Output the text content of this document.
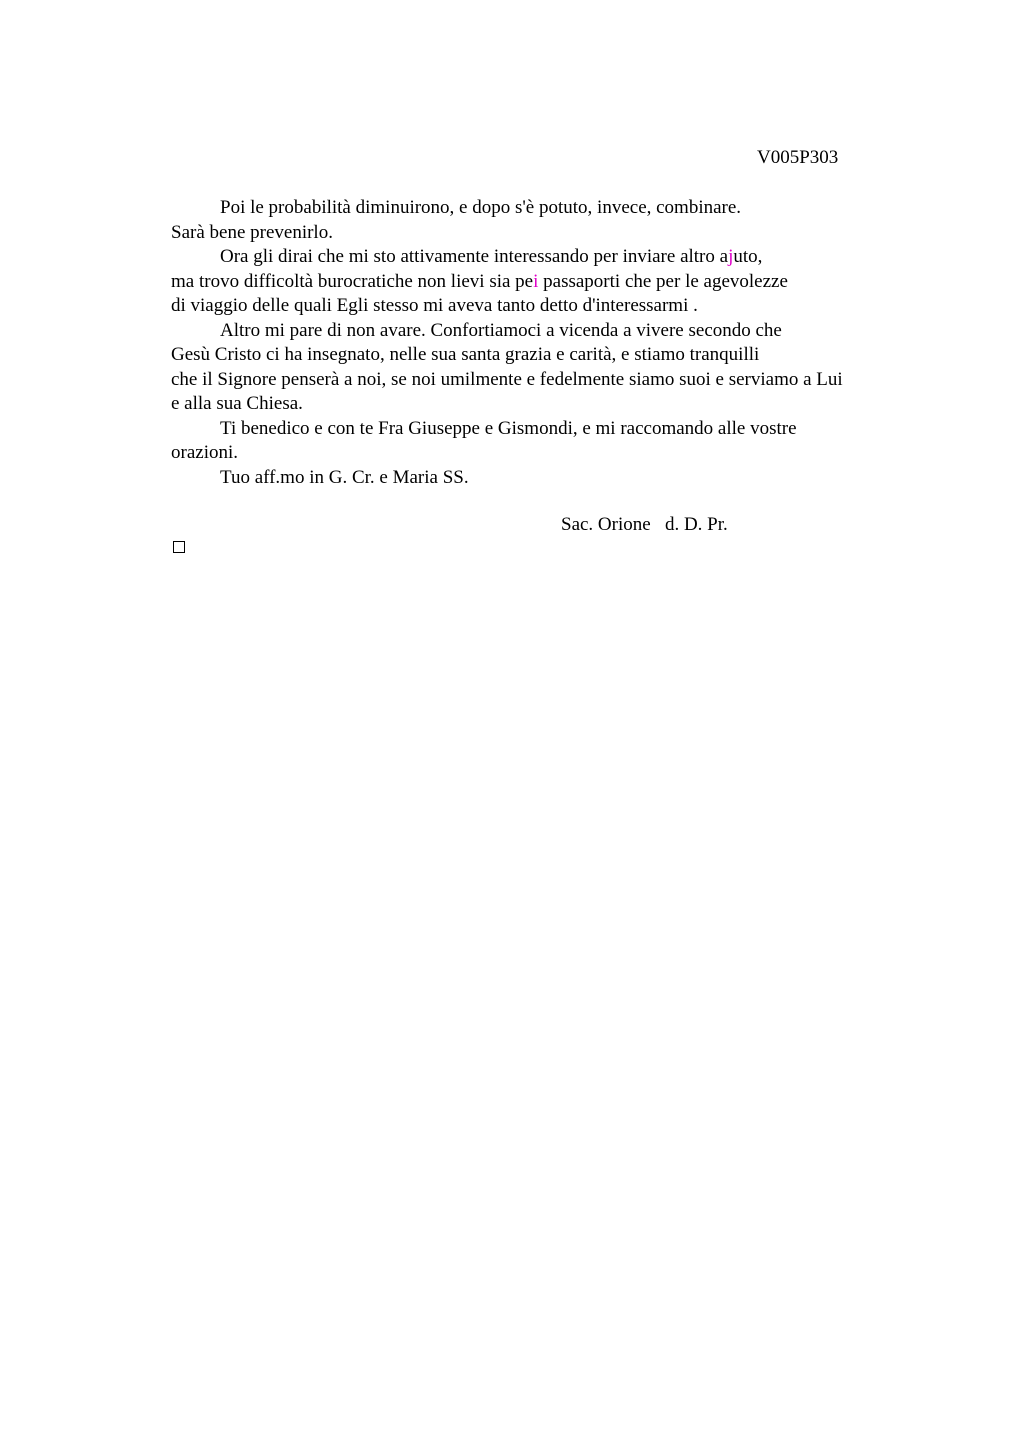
V005P303
Poi le probabilità diminuirono, e dopo s'è potuto, invece, combinare.
Sarà bene prevenirlo.
Ora gli dirai che mi sto attivamente interessando per inviare altro ajuto,
ma trovo difficoltà burocratiche non lievi sia pei passaporti che per le agevolezze
di viaggio delle quali Egli stesso mi aveva tanto detto d'interessarmi .
Altro mi pare di non avare. Confortiamoci a vicenda a vivere secondo che
Gesù Cristo ci ha insegnato, nelle sua santa grazia e carità, e stiamo tranquilli
che il Signore penserà a noi, se noi umilmente e fedelmente siamo suoi e serviamo a Lui
e alla sua Chiesa.
Ti benedico e con te Fra Giuseppe e Gismondi, e mi raccomando alle vostre
orazioni.
Tuo aff.mo in G. Cr. e Maria SS.
Sac. Orione   d. D. Pr.
